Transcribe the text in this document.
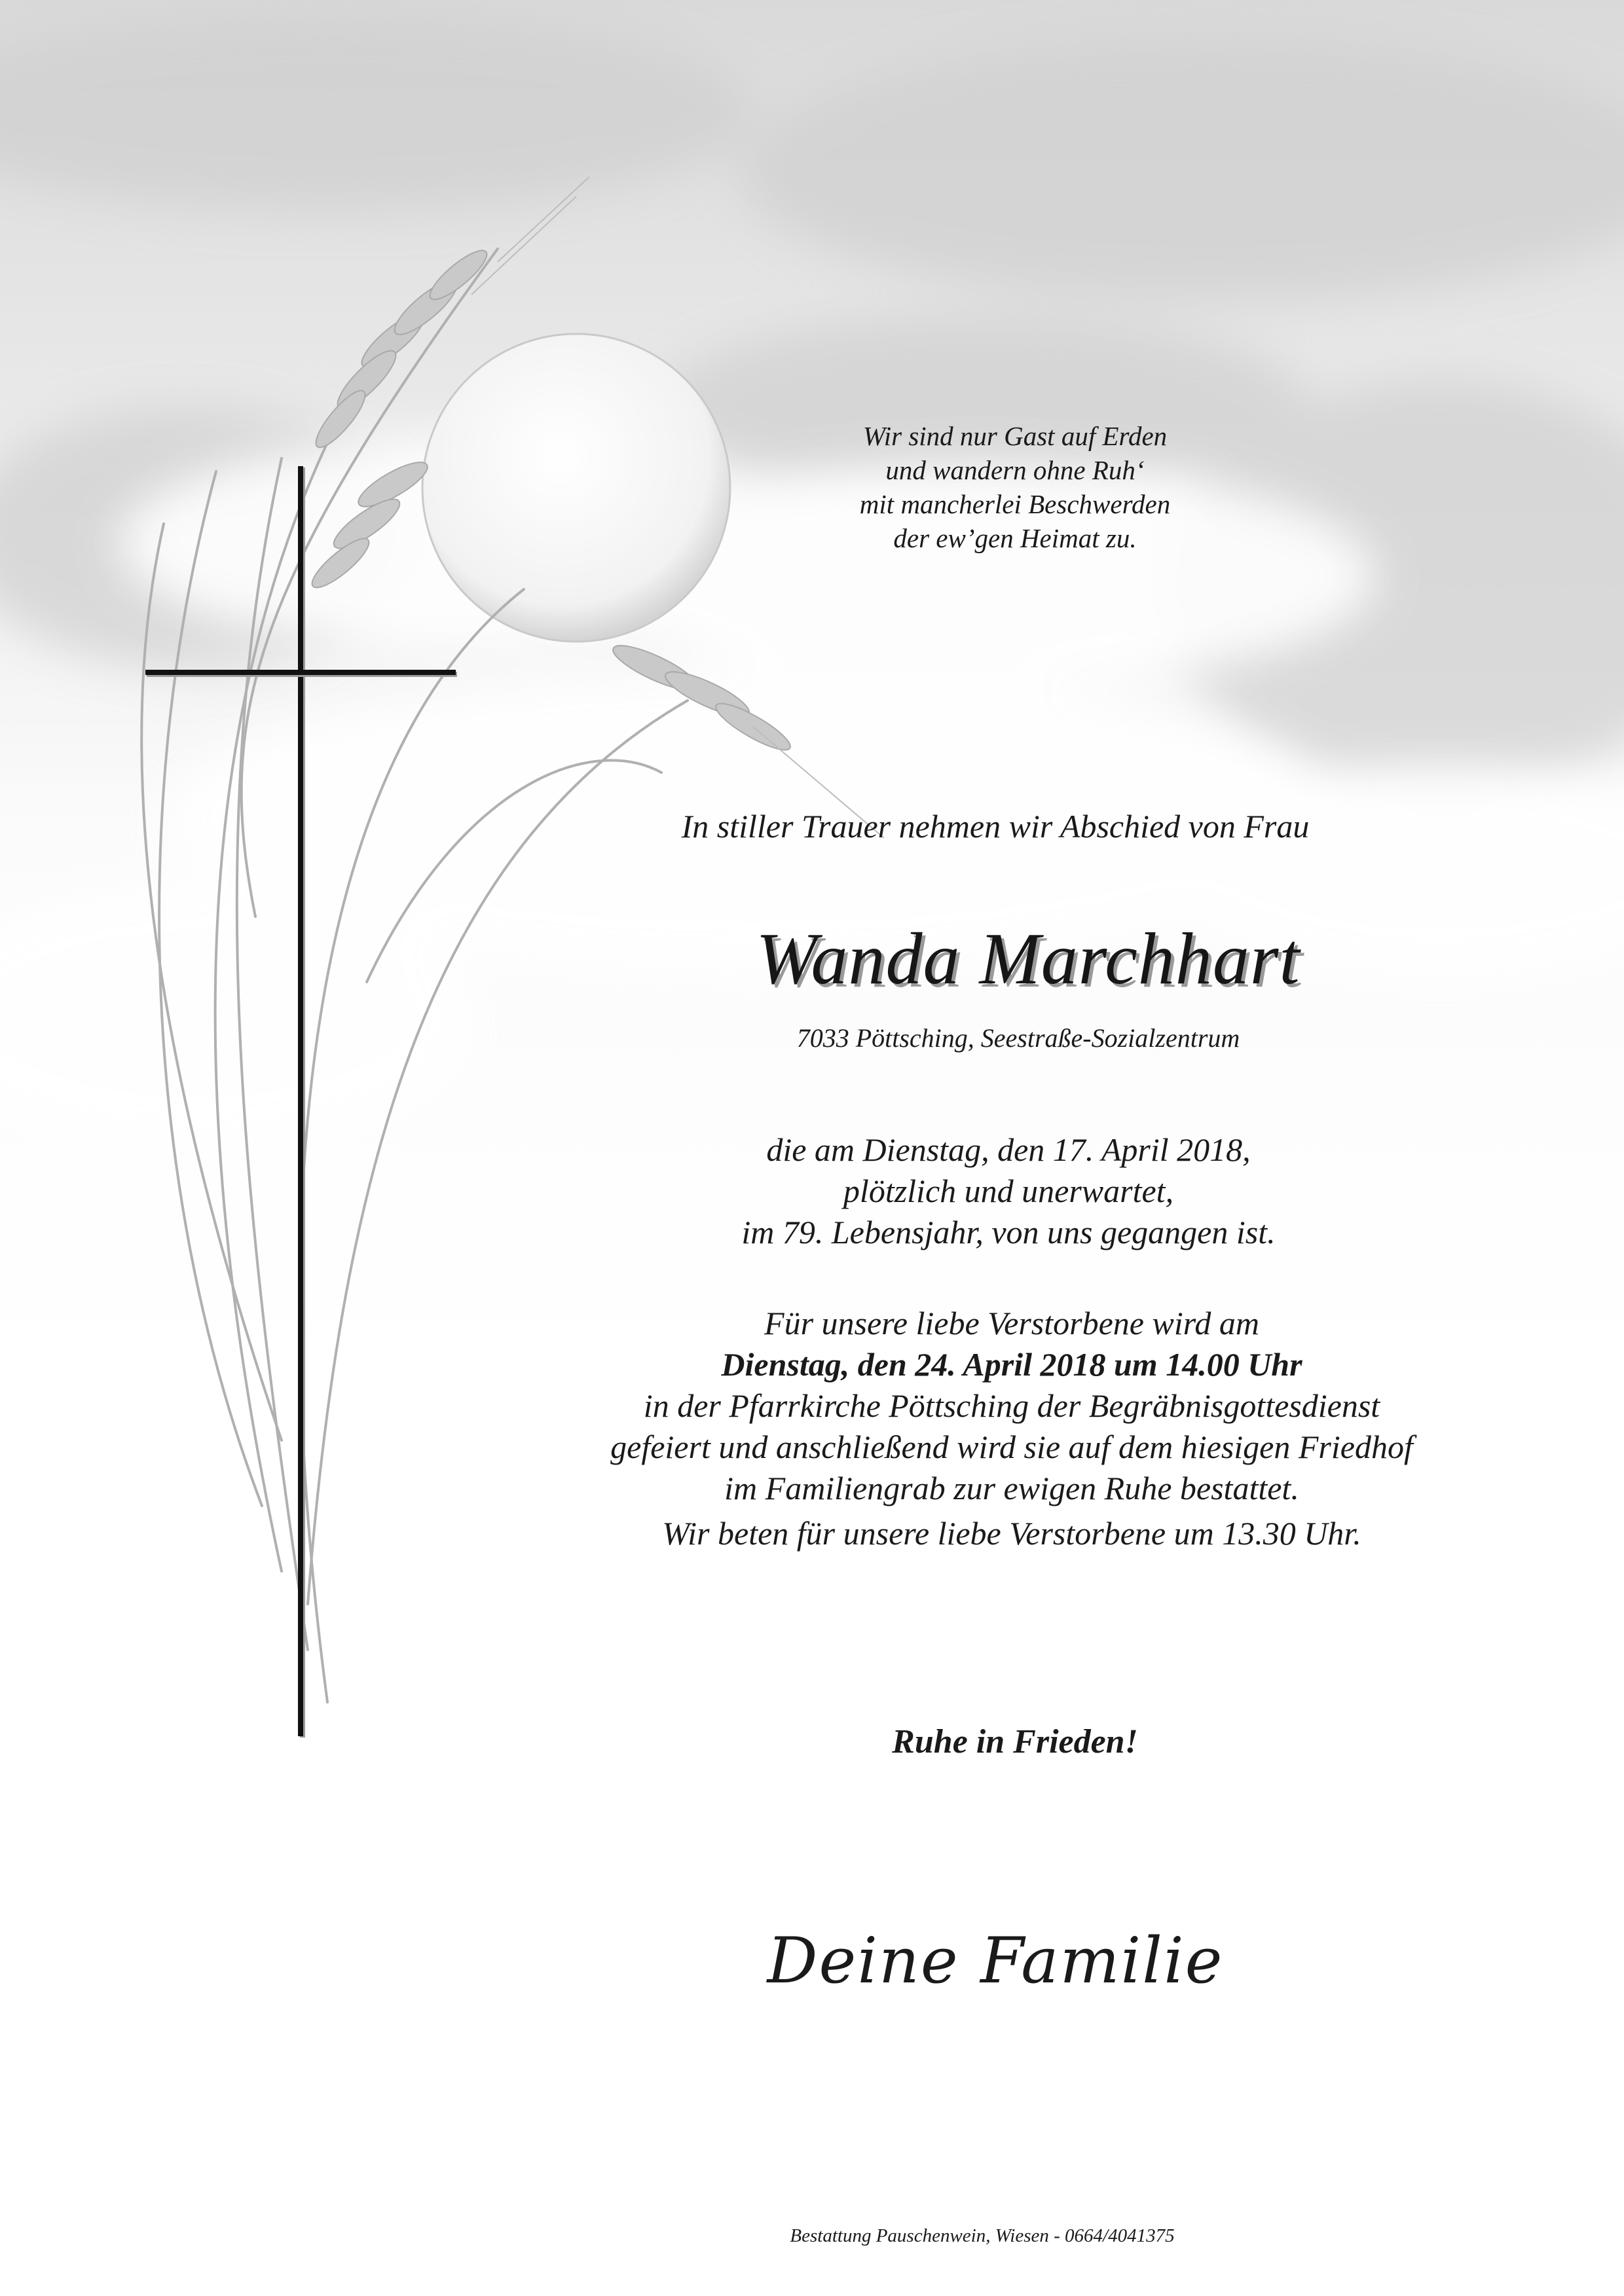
Wir sind nur Gast auf Erden
und wandern ohne Ruh‘
mit mancherlei Beschwerden
der ew’gen Heimat zu.
In stiller Trauer nehmen wir Abschied von Frau
Wanda Marchhart
7033 Pöttsching, Seestraße-Sozialzentrum
die am Dienstag, den 17. April 2018,
plötzlich und unerwartet,
im 79. Lebensjahr, von uns gegangen ist.
Für unsere liebe Verstorbene wird am
Dienstag, den 24. April 2018 um 14.00 Uhr
in der Pfarrkirche Pöttsching der Begräbnisgottesdienst
gefeiert und anschließend wird sie auf dem hiesigen Friedhof
im Familiengrab zur ewigen Ruhe bestattet.
Wir beten für unsere liebe Verstorbene um 13.30 Uhr.
Ruhe in Frieden!
Deine Familie
Bestattung Pauschenwein, Wiesen - 0664/4041375
